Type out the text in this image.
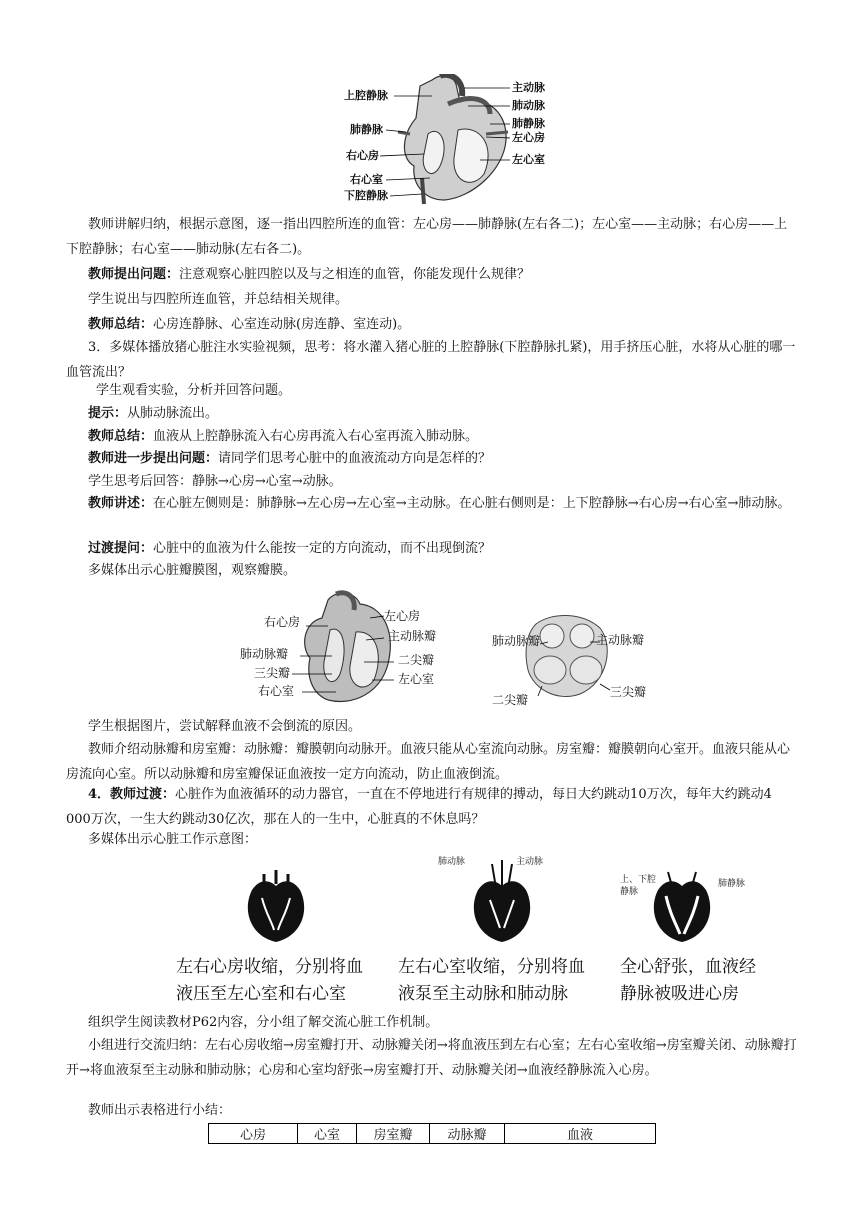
主动脉
肺动脉
肺静脉
左心房
左心室
上腔静脉
肺静脉
右心房
右心室
下腔静脉
教师讲解归纳，根据示意图，逐一指出四腔所连的血管：左心房——肺静脉(左右各二)；左心室——主动脉；右心房——上下腔静脉；右心室——肺动脉(左右各二)。
教师提出问题：注意观察心脏四腔以及与之相连的血管，你能发现什么规律？
学生说出与四腔所连血管，并总结相关规律。
教师总结：心房连静脉、心室连动脉(房连静、室连动)。
3．多媒体播放猪心脏注水实验视频，思考：将水灌入猪心脏的上腔静脉(下腔静脉扎紧)，用手挤压心脏，水将从心脏的哪一血管流出？
学生观看实验，分析并回答问题。
提示：从肺动脉流出。
教师总结：血液从上腔静脉流入右心房再流入右心室再流入肺动脉。
教师进一步提出问题：请同学们思考心脏中的血液流动方向是怎样的？
学生思考后回答：静脉→心房→心室→动脉。
教师讲述：在心脏左侧则是：肺静脉→左心房→左心室→主动脉。在心脏右侧则是：上下腔静脉→右心房→右心室→肺动脉。
过渡提问：心脏中的血液为什么能按一定的方向流动，而不出现倒流？
多媒体出示心脏瓣膜图，观察瓣膜。
右心房	左心房
主动脉瓣
肺动脉瓣	二尖瓣
三尖瓣	左心室
右心室
肺动脉瓣	主动脉瓣
二尖瓣
三尖瓣
学生根据图片，尝试解释血液不会倒流的原因。
教师介绍动脉瓣和房室瓣：动脉瓣：瓣膜朝向动脉开。血液只能从心室流向动脉。房室瓣：瓣膜朝向心室开。血液只能从心房流向心室。所以动脉瓣和房室瓣保证血液按一定方向流动，防止血液倒流。
4．教师过渡：心脏作为血液循环的动力器官，一直在不停地进行有规律的搏动，每日大约跳动10万次，每年大约跳动4 000万次，一生大约跳动30亿次，那在人的一生中，心脏真的不休息吗？
多媒体出示心脏工作示意图：
肺动脉	主动脉
上、下腔静脉
肺静脉
左右心房收缩，分别将血
液压至左心室和右心室
左右心室收缩，分别将血
液泵至主动脉和肺动脉
全心舒张，血液经
静脉被吸进心房
组织学生阅读教材P62内容，分小组了解交流心脏工作机制。
小组进行交流归纳：左右心房收缩→房室瓣打开、动脉瓣关闭→将血液压到左右心室；左右心室收缩→房室瓣关闭、动脉瓣打开→将血液泵至主动脉和肺动脉；心房和心室均舒张→房室瓣打开、动脉瓣关闭→血液经静脉流入心房。
教师出示表格进行小结：
心房	心室	房室瓣	动脉瓣	血液
